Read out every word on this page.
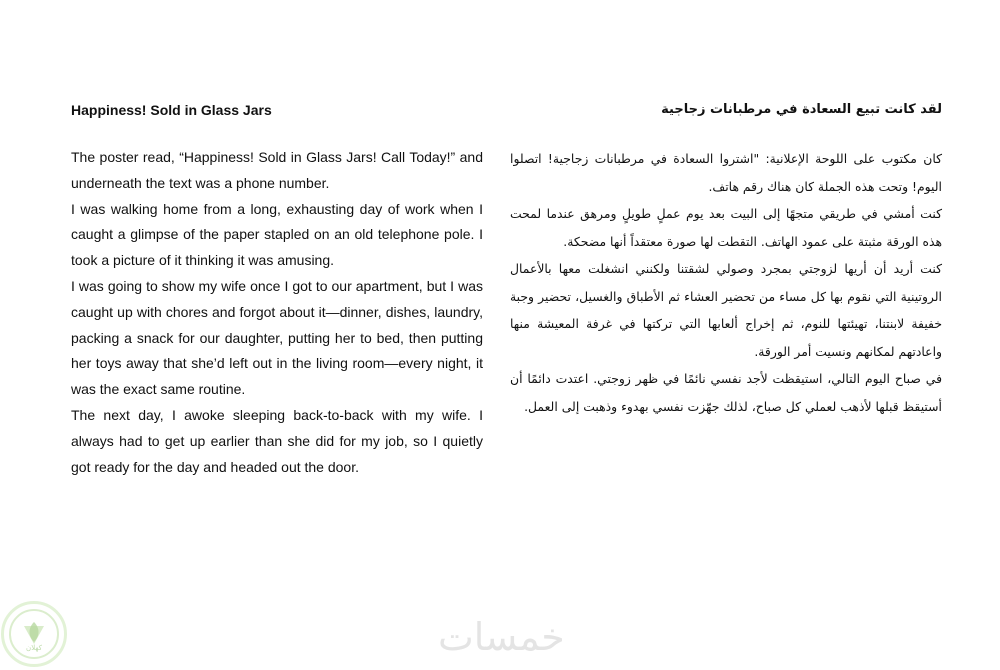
Happiness! Sold in Glass Jars

The poster read, “Happiness! Sold in Glass Jars! Call Today!” and underneath the text was a phone number.

I was walking home from a long, exhausting day of work when I caught a glimpse of the paper stapled on an old telephone pole. I took a picture of it thinking it was amusing.

I was going to show my wife once I got to our apartment, but I was caught up with chores and forgot about it—dinner, dishes, laundry, packing a snack for our daughter, putting her to bed, then putting her toys away that she’d left out in the living room—every night, it was the exact same routine.

The next day, I awoke sleeping back-to-back with my wife. I always had to get up earlier than she did for my job, so I quietly got ready for the day and headed out the door.

لقد كانت تبيع السعادة في مرطبانات زجاجية

كان مكتوب على اللوحة الإعلانية: "اشتروا السعادة في مرطبانات زجاجية! اتصلوا اليوم! وتحت هذه الجملة كان هناك رقم هاتف.

كنت أمشي في طريقي متجهًا إلى البيت بعد يوم عملٍ طويلٍ ومرهق عندما لمحت هذه الورقة مثبتة على عمود الهاتف. التقطت لها صورة معتقداً أنها مضحكة.

كنت أريد أن أريها لزوجتي بمجرد وصولي لشقتنا ولكنني انشغلت معها بالأعمال الروتينية التي نقوم بها كل مساء من تحضير العشاء ثم الأطباق والغسيل، تحضير وجبة خفيفة لابنتنا، تهيئتها للنوم، ثم إخراج ألعابها التي تركتها في غرفة المعيشة منها واعادتهم لمكانهم ونسيت أمر الورقة.

في صباح اليوم التالي، استيقظت لأجد نفسي نائمًا في ظهر زوجتي. اعتدت دائمًا أن أستيقظ قبلها لأذهب لعملي كل صباح، لذلك جهّزت نفسي بهدوء وذهبت إلى العمل.

كهلان	خمسات
